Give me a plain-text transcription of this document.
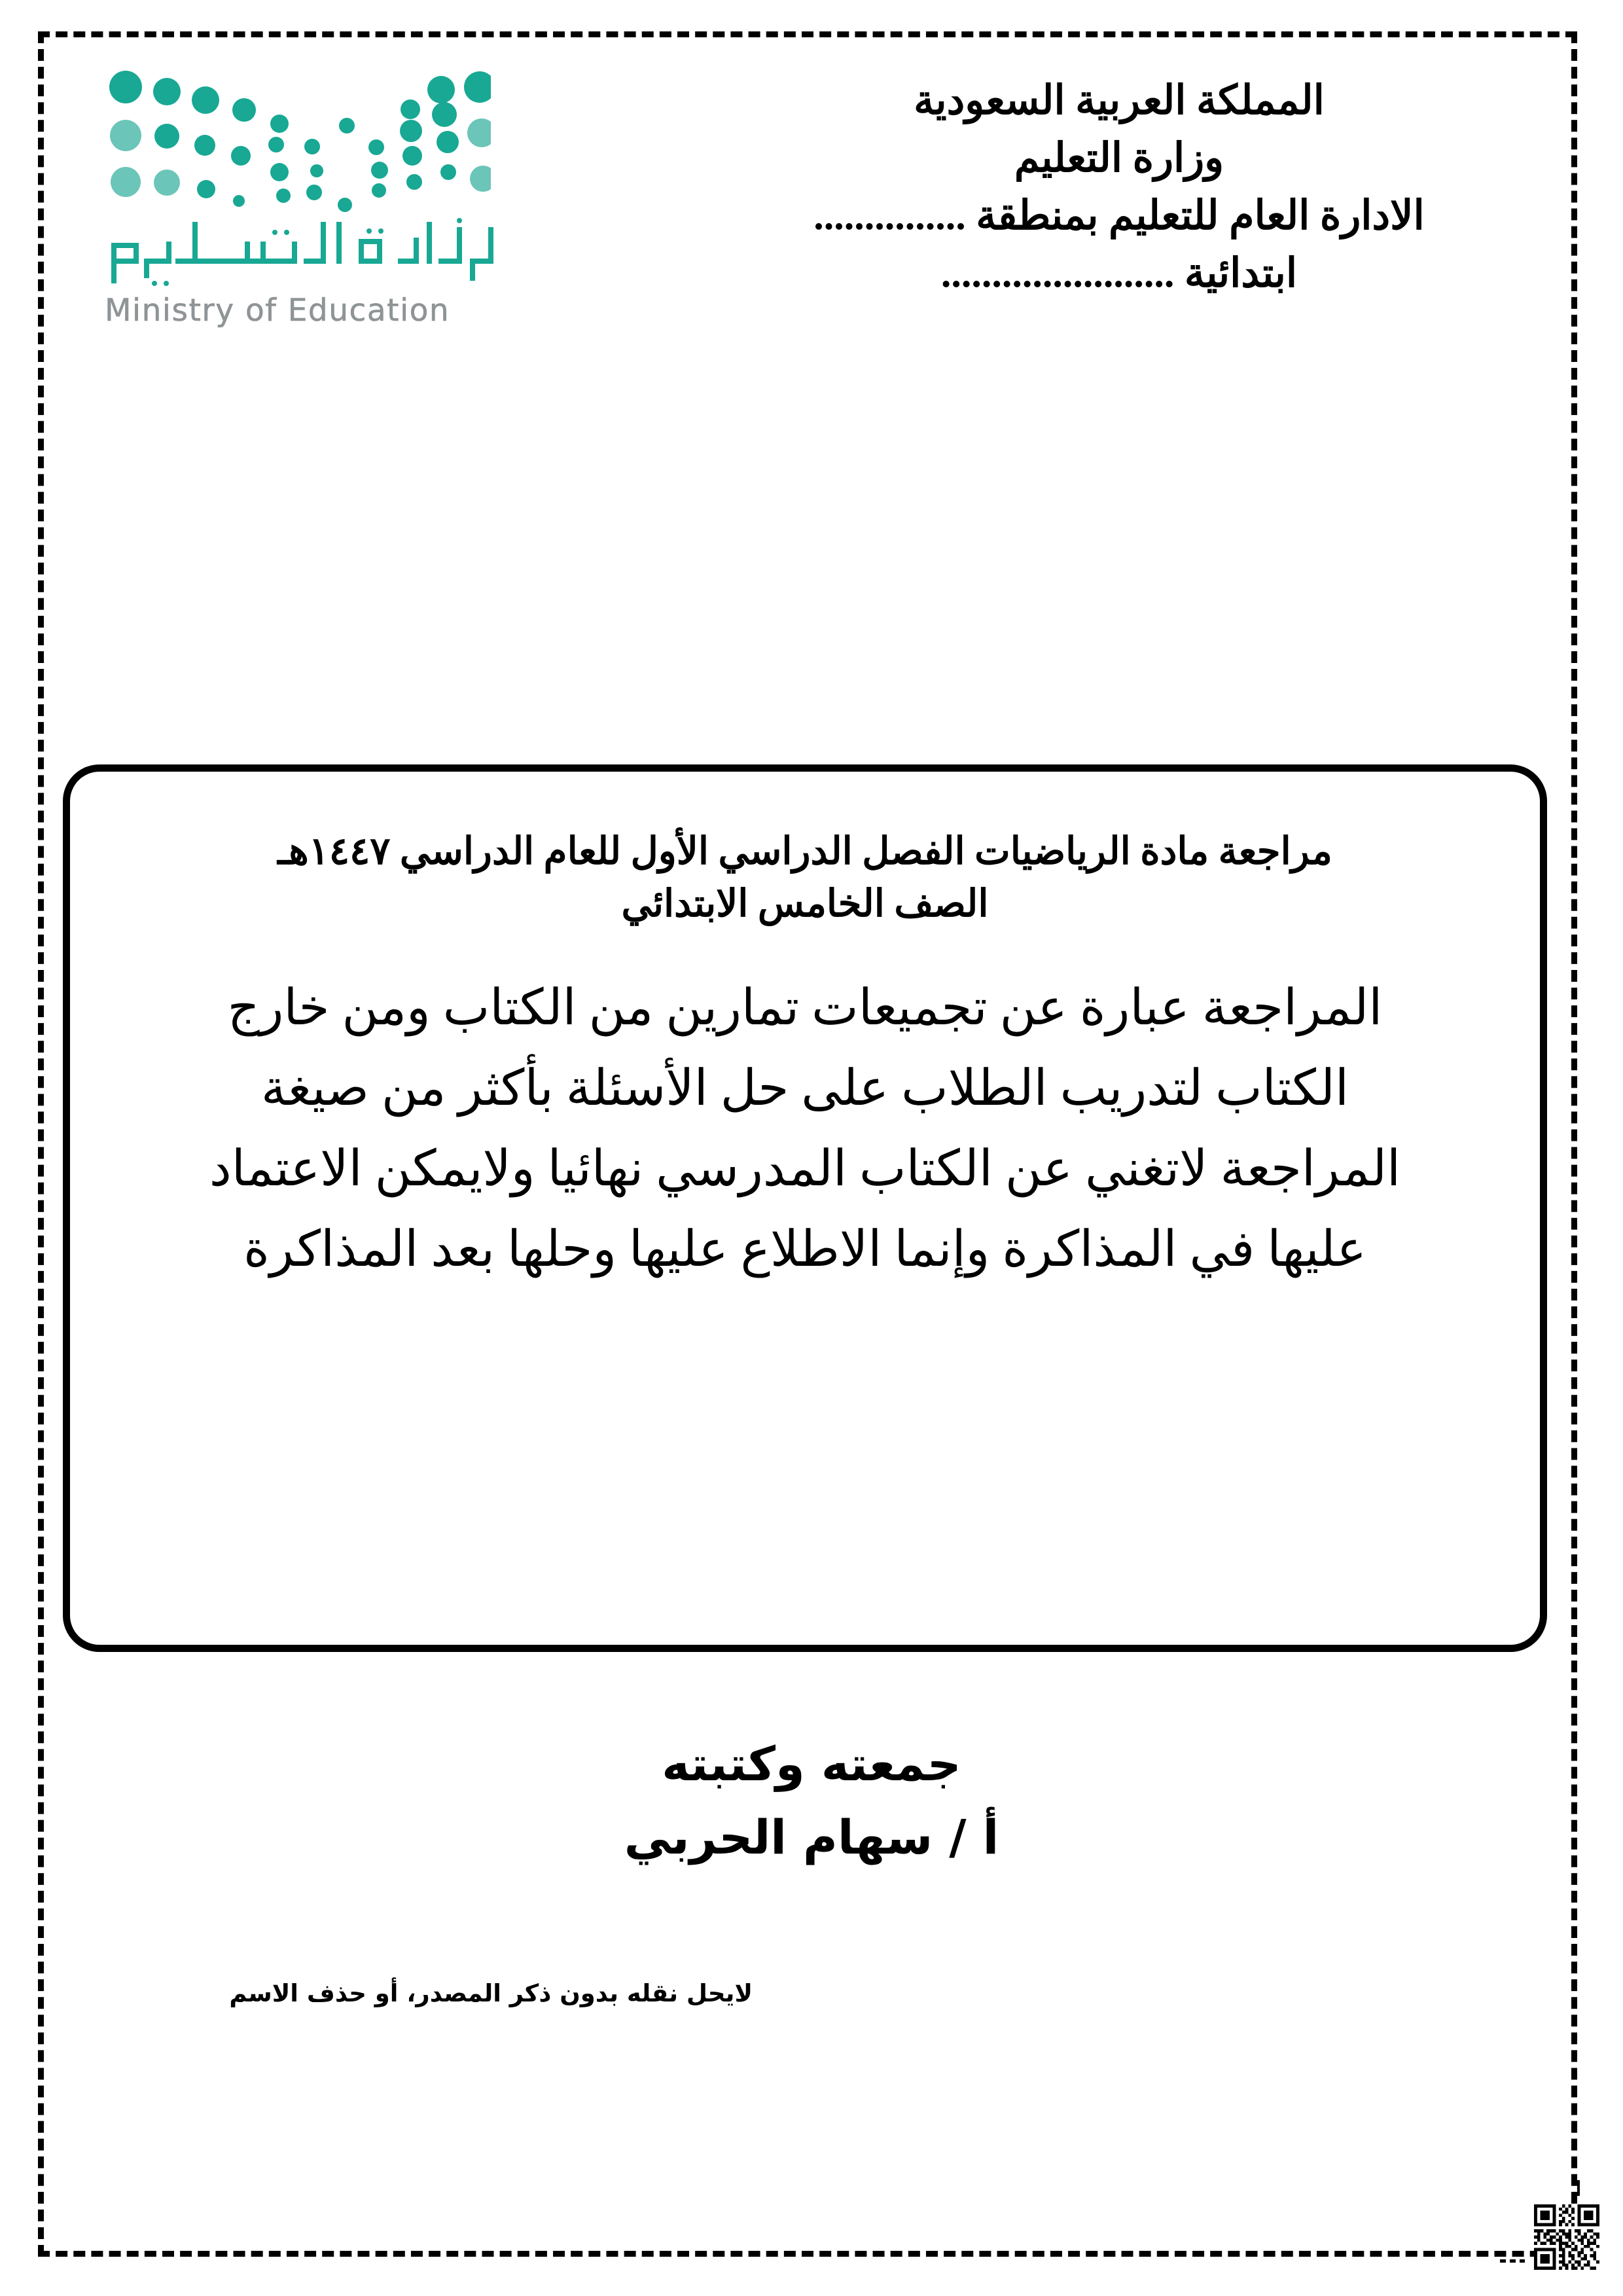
Ministry of Education
المملكة العربية السعودية
وزارة التعليم
الادارة العام للتعليم بمنطقة ...............
ابتدائية .......................
مراجعة مادة الرياضيات الفصل الدراسي الأول للعام الدراسي ١٤٤٧هـ
الصف الخامس الابتدائي
المراجعة عبارة عن تجميعات تمارين من الكتاب ومن خارج
الكتاب لتدريب الطلاب على حل الأسئلة بأكثر من صيغة
المراجعة لاتغني عن الكتاب المدرسي نهائيا ولايمكن الاعتماد
عليها في المذاكرة وإنما الاطلاع عليها وحلها بعد المذاكرة
جمعته وكتبته
أ / سهام الحربي
لايحل نقله بدون ذكر المصدر، أو حذف الاسم
